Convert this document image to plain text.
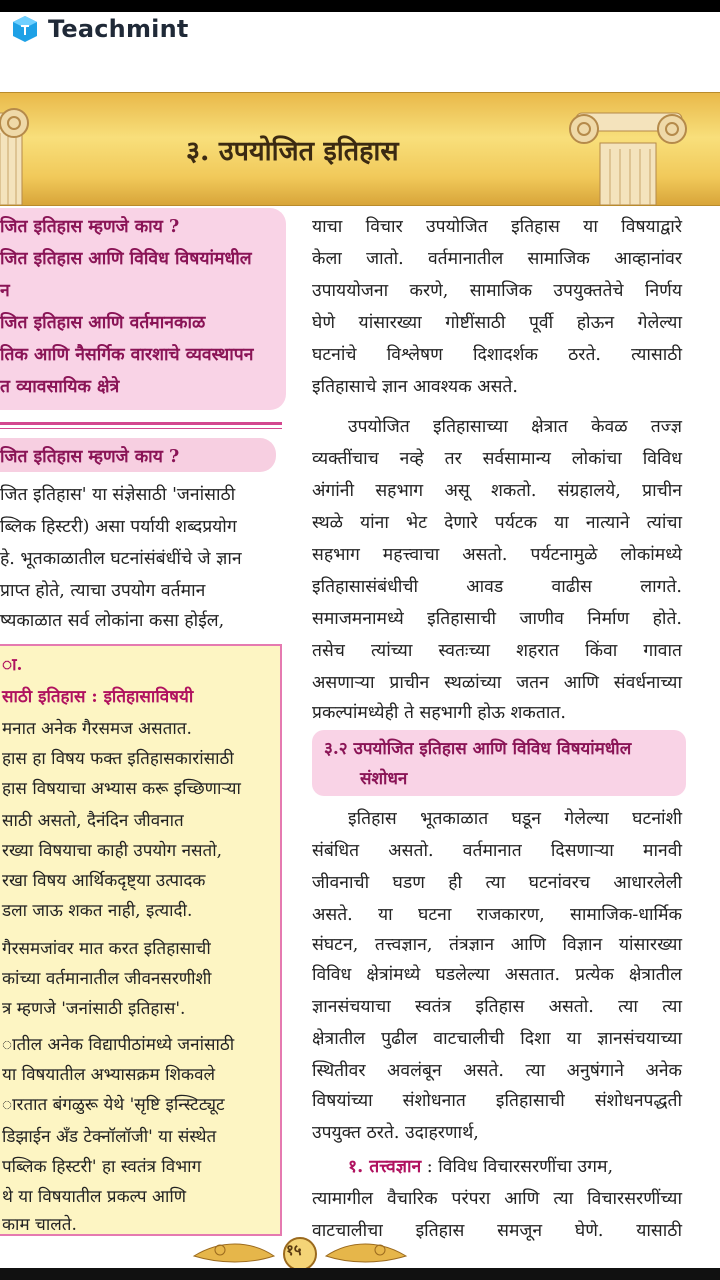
Teachmint
३. उपयोजित इतिहास
जित इतिहास म्हणजे काय ?
जित इतिहास आणि विविध विषयांमधील
न
जित इतिहास आणि वर्तमानकाळ
तिक आणि नैसर्गिक वारशाचे व्यवस्थापन
त व्यावसायिक क्षेत्रे
जित इतिहास म्हणजे काय ?
जित इतिहास' या संज्ञेसाठी 'जनांसाठी
ब्लिक हिस्टरी) असा पर्यायी शब्दप्रयोग
हे. भूतकाळातील घटनांसंबंधींचे जे ज्ञान
प्राप्त होते, त्याचा उपयोग वर्तमान
ष्यकाळात सर्व लोकांना कसा होईल,
ा.
साठी इतिहास : इतिहासाविषयी
मनात अनेक गैरसमज असतात.
हास हा विषय फक्त इतिहासकारांसाठी
हास विषयाचा अभ्यास करू इच्छिणाऱ्या
साठी असतो, दैनंदिन जीवनात
रख्या विषयाचा काही उपयोग नसतो,
रखा विषय आर्थिकदृष्ट्या उत्पादक
डला जाऊ शकत नाही, इत्यादी.
गैरसमजांवर मात करत इतिहासाची
कांच्या वर्तमानातील जीवनसरणीशी
त्र म्हणजे 'जनांसाठी इतिहास'.
ातील अनेक विद्यापीठांमध्ये जनांसाठी
या विषयातील अभ्यासक्रम शिकवले
ारतात बंगळुरू येथे 'सृष्टि इन्स्टिट्यूट
डिझाईन अँड टेक्नॉलॉजी' या संस्थेत
पब्लिक हिस्टरी' हा स्वतंत्र विभाग
थे या विषयातील प्रकल्प आणि
काम चालते.
याचा विचार उपयोजित इतिहास या विषयाद्वारे
केला जातो. वर्तमानातील सामाजिक आव्हानांवर
उपाययोजना करणे, सामाजिक उपयुक्ततेचे निर्णय
घेणे यांसारख्या गोष्टींसाठी पूर्वी होऊन गेलेल्या
घटनांचे विश्लेषण दिशादर्शक ठरते. त्यासाठी
इतिहासाचे ज्ञान आवश्यक असते.
उपयोजित इतिहासाच्या क्षेत्रात केवळ तज्ज्ञ
व्यक्तींचाच नव्हे तर सर्वसामान्य लोकांचा विविध
अंगांनी सहभाग असू शकतो. संग्रहालये, प्राचीन
स्थळे यांना भेट देणारे पर्यटक या नात्याने त्यांचा
सहभाग महत्त्वाचा असतो. पर्यटनामुळे लोकांमध्ये
इतिहासासंबंधीची आवड वाढीस लागते.
समाजमनामध्ये इतिहासाची जाणीव निर्माण होते.
तसेच त्यांच्या स्वतःच्या शहरात किंवा गावात
असणाऱ्या प्राचीन स्थळांच्या जतन आणि संवर्धनाच्या
प्रकल्पांमध्येही ते सहभागी होऊ शकतात.
३.२ उपयोजित इतिहास आणि विविध विषयांमधील
संशोधन
इतिहास भूतकाळात घडून गेलेल्या घटनांशी
संबंधित असतो. वर्तमानात दिसणाऱ्या मानवी
जीवनाची घडण ही त्या घटनांवरच आधारलेली
असते. या घटना राजकारण, सामाजिक-धार्मिक
संघटन, तत्त्वज्ञान, तंत्रज्ञान आणि विज्ञान यांसारख्या
विविध क्षेत्रांमध्ये घडलेल्या असतात. प्रत्येक क्षेत्रातील
ज्ञानसंचयाचा स्वतंत्र इतिहास असतो. त्या त्या
क्षेत्रातील पुढील वाटचालीची दिशा या ज्ञानसंचयाच्या
स्थितीवर अवलंबून असते. त्या अनुषंगाने अनेक
विषयांच्या संशोधनात इतिहासाची संशोधनपद्धती
उपयुक्त ठरते. उदाहरणार्थ,
१. तत्त्वज्ञान : विविध विचारसरणींचा उगम,
त्यामागील वैचारिक परंपरा आणि त्या विचारसरणींच्या
वाटचालीचा इतिहास समजून घेणे. यासाठी
१५
